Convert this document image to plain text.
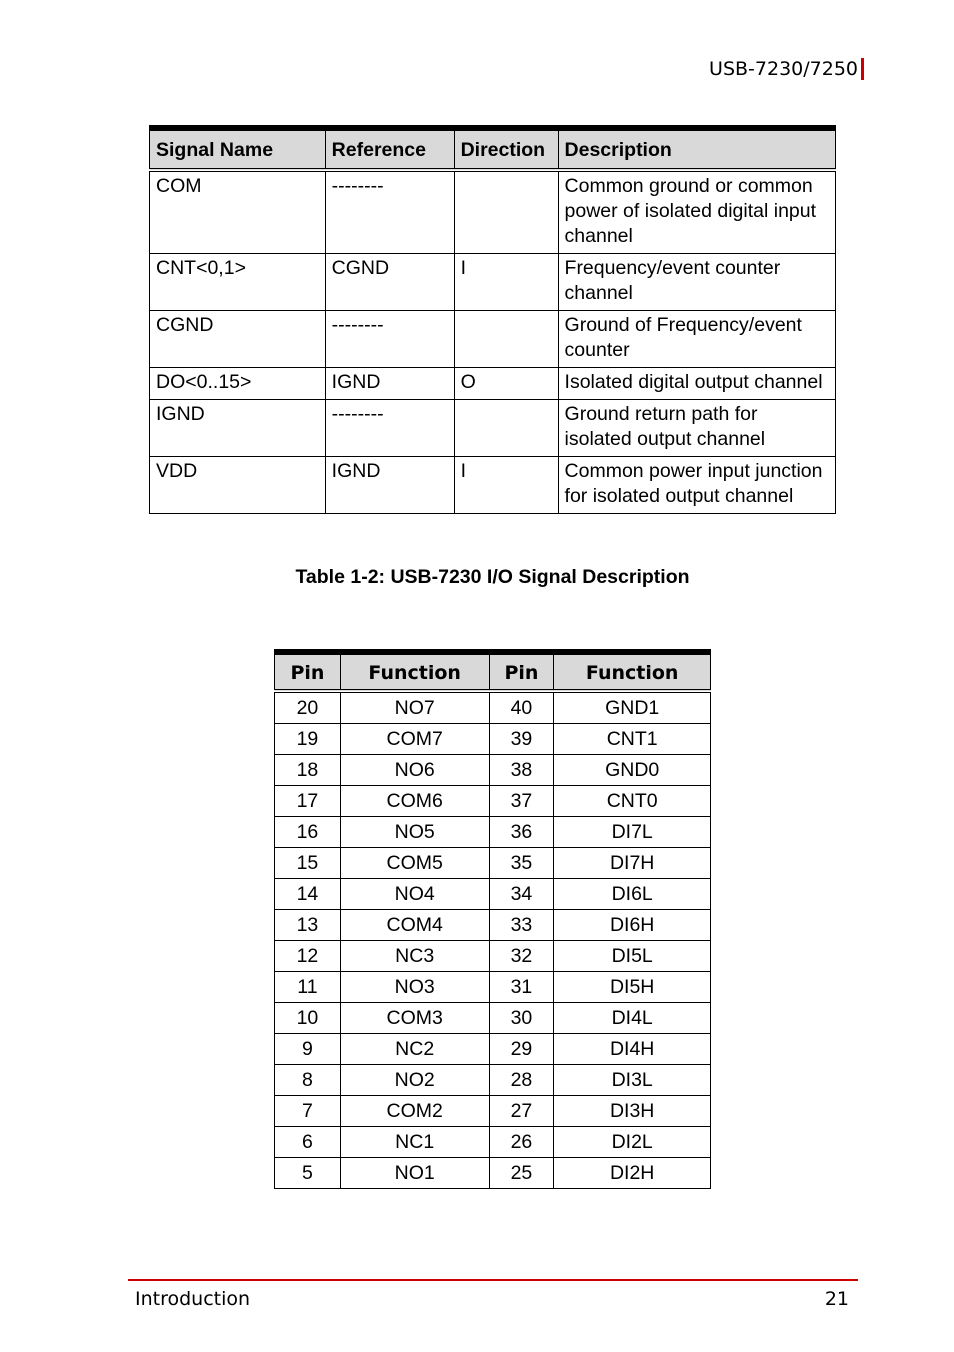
USB-7230/7250
Signal Name	Reference	Direction	Description
COM	--------		Common ground or common power of isolated digital input channel
CNT<0,1>	CGND	I	Frequency/event counter channel
CGND	--------		Ground of Frequency/event counter
DO<0..15>	IGND	O	Isolated digital output channel
IGND	--------		Ground return path for isolated output channel
VDD	IGND	I	Common power input junction for isolated output channel
Table 1-2: USB-7230 I/O Signal Description
Pin	Function	Pin	Function
20	NO7	40	GND1
19	COM7	39	CNT1
18	NO6	38	GND0
17	COM6	37	CNT0
16	NO5	36	DI7L
15	COM5	35	DI7H
14	NO4	34	DI6L
13	COM4	33	DI6H
12	NC3	32	DI5L
11	NO3	31	DI5H
10	COM3	30	DI4L
9	NC2	29	DI4H
8	NO2	28	DI3L
7	COM2	27	DI3H
6	NC1	26	DI2L
5	NO1	25	DI2H
Introduction	21
